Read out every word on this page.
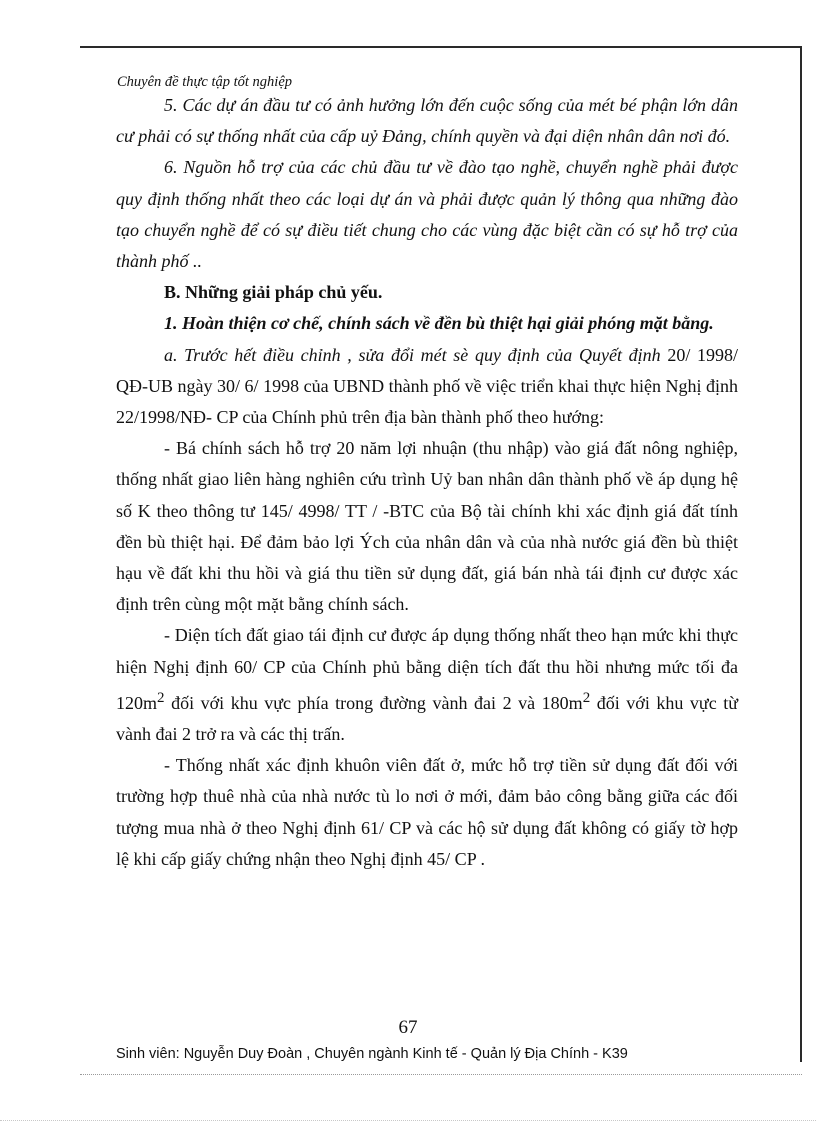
Chuyên đề thực tập tốt nghiệp

5. Các dự án đầu tư có ảnh hưởng lớn đến cuộc sống của mét bé phận lớn dân cư phải có sự thống nhất của cấp uỷ Đảng, chính quyền và đại diện nhân dân nơi đó.

6. Nguồn hỗ trợ của các chủ đầu tư về đào tạo nghề, chuyển nghề phải được quy định thống nhất theo các loại dự án và phải được quản lý thông qua những đào tạo chuyển nghề để có sự điều tiết chung cho các vùng đặc biệt cần có sự hỗ trợ của thành phố ..

B. Những giải pháp chủ yếu.

1. Hoàn thiện cơ chế, chính sách về đền bù thiệt hại giải phóng mặt bằng.

a. Trước hết điều chỉnh , sửa đổi mét sè quy định của Quyết định 20/ 1998/ QĐ-UB ngày 30/ 6/ 1998 của UBND thành phố về việc triển khai thực hiện Nghị định 22/1998/NĐ- CP của Chính phủ trên địa bàn thành phố theo hướng:

- Bá chính sách hỗ trợ 20 năm lợi nhuận (thu nhập) vào giá đất nông nghiệp, thống nhất giao liên hàng nghiên cứu trình Uỷ ban nhân dân thành phố về áp dụng hệ số K theo thông tư 145/ 4998/ TT / -BTC của Bộ tài chính khi xác định giá đất tính đền bù thiệt hại. Để đảm bảo lợi Ých của nhân dân và của nhà nước giá đền bù thiệt hạu về đất khi thu hồi và giá thu tiền sử dụng đất, giá bán nhà tái định cư được xác định trên cùng một mặt bằng chính sách.

- Diện tích đất giao tái định cư được áp dụng thống nhất theo hạn mức khi thực hiện Nghị định 60/ CP của Chính phủ bằng diện tích đất thu hồi nhưng mức tối đa $120m^2$ đối với khu vực phía trong đường vành đai 2 và $180m^2$ đối với khu vực từ vành đai 2 trở ra và các thị trấn.

- Thống nhất xác định khuôn viên đất ở, mức hỗ trợ tiền sử dụng đất đối với trường hợp thuê nhà của nhà nước tù lo nơi ở mới, đảm bảo công bằng giữa các đối tượng mua nhà ở theo Nghị định 61/ CP và các hộ sử dụng đất không có giấy tờ hợp lệ khi cấp giấy chứng nhận theo Nghị định 45/ CP .

67
Sinh viên: Nguyễn Duy Đoàn , Chuyên ngành Kinh tế - Quản lý Địa Chính - K39
